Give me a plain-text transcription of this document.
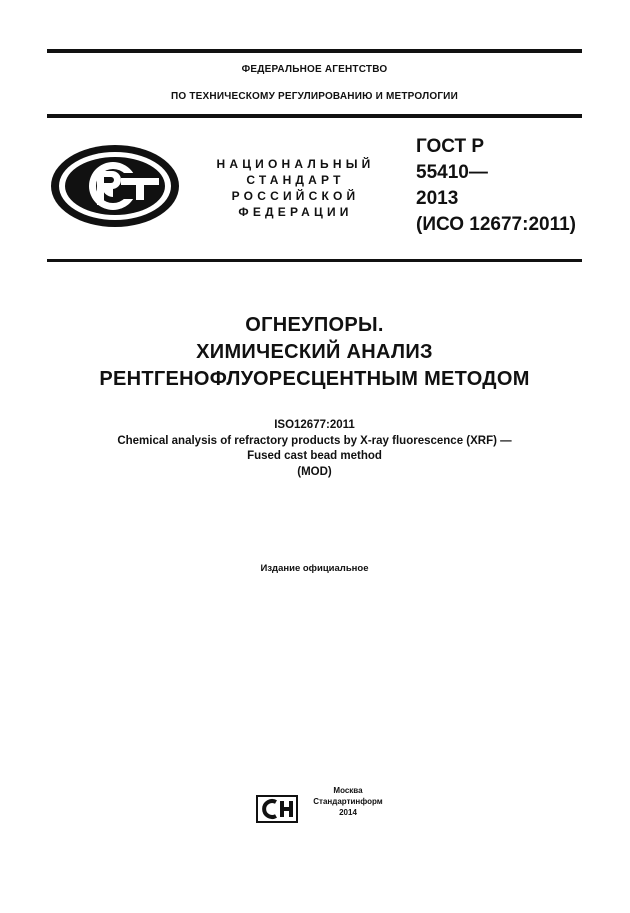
ФЕДЕРАЛЬНОЕ АГЕНТСТВО
ПО ТЕХНИЧЕСКОМУ РЕГУЛИРОВАНИЮ И МЕТРОЛОГИИ
НАЦИОНАЛЬНЫЙ
СТАНДАРТ
РОССИЙСКОЙ
ФЕДЕРАЦИИ
ГОСТ Р
55410—
2013
(ИСО 12677:2011)
ОГНЕУПОРЫ.
ХИМИЧЕСКИЙ АНАЛИЗ
РЕНТГЕНОФЛУОРЕСЦЕНТНЫМ МЕТОДОМ
ISO12677:2011
Chemical analysis of refractory products by X-ray fluorescence (XRF) —
Fused cast bead method
(MOD)
Издание официальное
Москва
Стандартинформ
2014
